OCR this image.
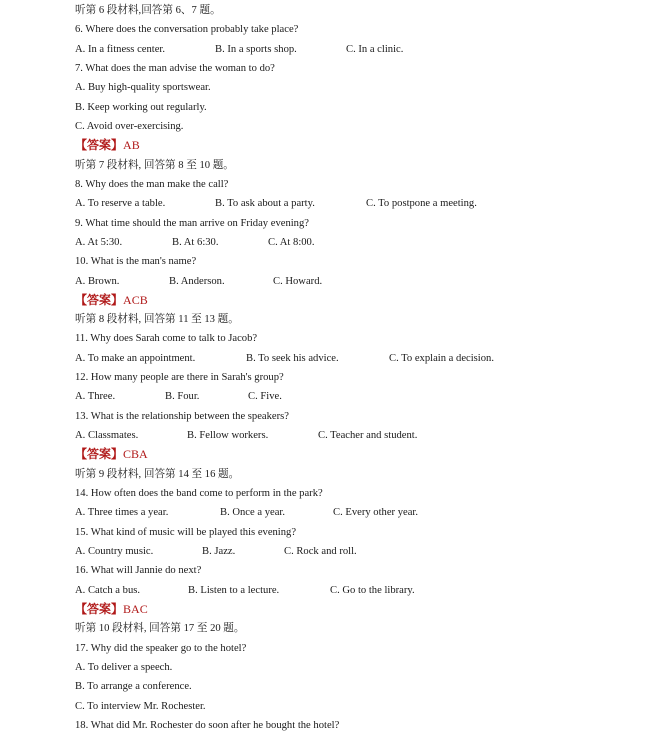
听第 6 段材料,回答第 6、7 题。
6. Where does the conversation probably take place?
A. In a fitness center.	B. In a sports shop.	C. In a clinic.
7. What does the man advise the woman to do?
A. Buy high-quality sportswear.
B. Keep working out regularly.
C. Avoid over-exercising.
【答案】AB
听第 7 段材料, 回答第 8 至 10 题。
8. Why does the man make the call?
A. To reserve a table.	B. To ask about a party.	C. To postpone a meeting.
9. What time should the man arrive on Friday evening?
A. At 5:30.	B. At 6:30.	C. At 8:00.
10. What is the man's name?
A. Brown.	B. Anderson.	C. Howard.
【答案】ACB
听第 8 段材料, 回答第 11 至 13 题。
11. Why does Sarah come to talk to Jacob?
A. To make an appointment.	B. To seek his advice.	C. To explain a decision.
12. How many people are there in Sarah's group?
A. Three.	B. Four.	C. Five.
13. What is the relationship between the speakers?
A. Classmates.	B. Fellow workers.	C. Teacher and student.
【答案】CBA
听第 9 段材料, 回答第 14 至 16 题。
14. How often does the band come to perform in the park?
A. Three times a year.	B. Once a year.	C. Every other year.
15. What kind of music will be played this evening?
A. Country music.	B. Jazz.	C. Rock and roll.
16. What will Jannie do next?
A. Catch a bus.	B. Listen to a lecture.	C. Go to the library.
【答案】BAC
听第 10 段材料, 回答第 17 至 20 题。
17. Why did the speaker go to the hotel?
A. To deliver a speech.
B. To arrange a conference.
C. To interview Mr. Rochester.
18. What did Mr. Rochester do soon after he bought the hotel?
